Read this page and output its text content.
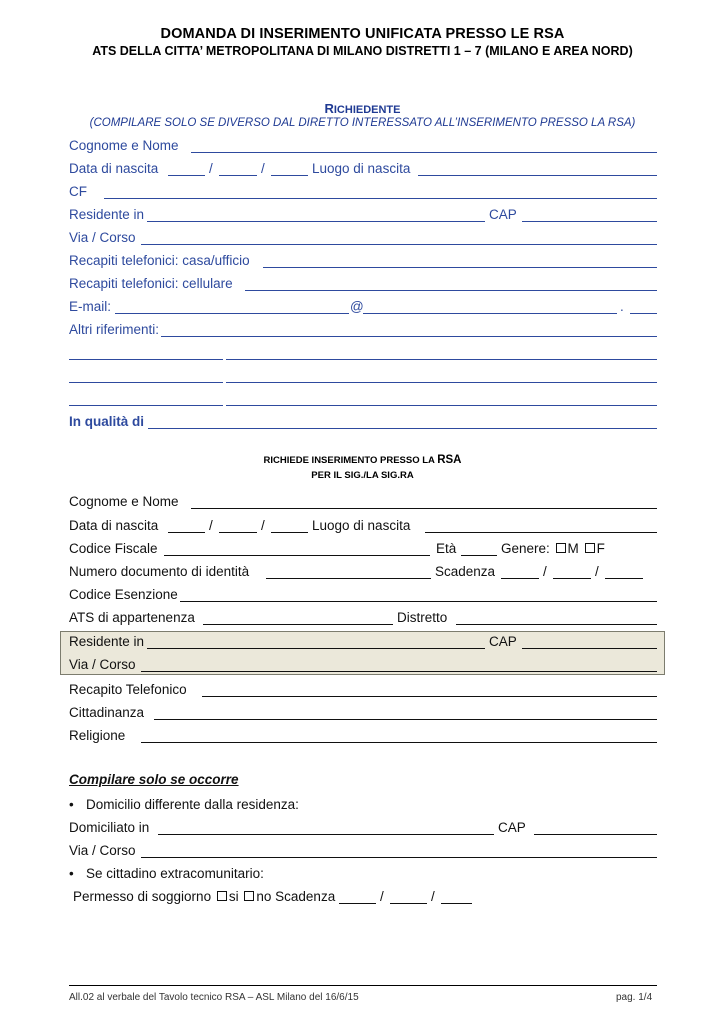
DOMANDA DI INSERIMENTO UNIFICATA PRESSO LE RSA
ATS DELLA CITTA’ METROPOLITANA DI MILANO DISTRETTI 1 – 7 (MILANO E AREA NORD)
RICHIEDENTE
(COMPILARE SOLO SE DIVERSO DAL DIRETTO INTERESSATO ALL’INSERIMENTO PRESSO LA RSA)
Cognome e Nome
Data di nascita	/	/	Luogo di nascita
CF
Residente in	CAP
Via / Corso
Recapiti telefonici: casa/ufficio
Recapiti telefonici: cellulare
E-mail:	@	.
Altri riferimenti:
In qualità di
RICHIEDE INSERIMENTO PRESSO LA RSA
PER IL SIG./LA SIG.RA
Cognome e Nome
Data di nascita	/	/	Luogo di nascita
Codice Fiscale	Età	Genere: M F
Numero documento di identità	Scadenza	/	/
Codice Esenzione
ATS di appartenenza	Distretto
Residente in	CAP
Via / Corso
Recapito Telefonico
Cittadinanza
Religione
Compilare solo se occorre
• Domicilio differente dalla residenza:
Domiciliato in	CAP
Via / Corso
• Se cittadino extracomunitario:
Permesso di soggiorno si no Scadenza	/	/
All.02 al verbale del Tavolo tecnico RSA – ASL Milano del 16/6/15	pag. 1/4
